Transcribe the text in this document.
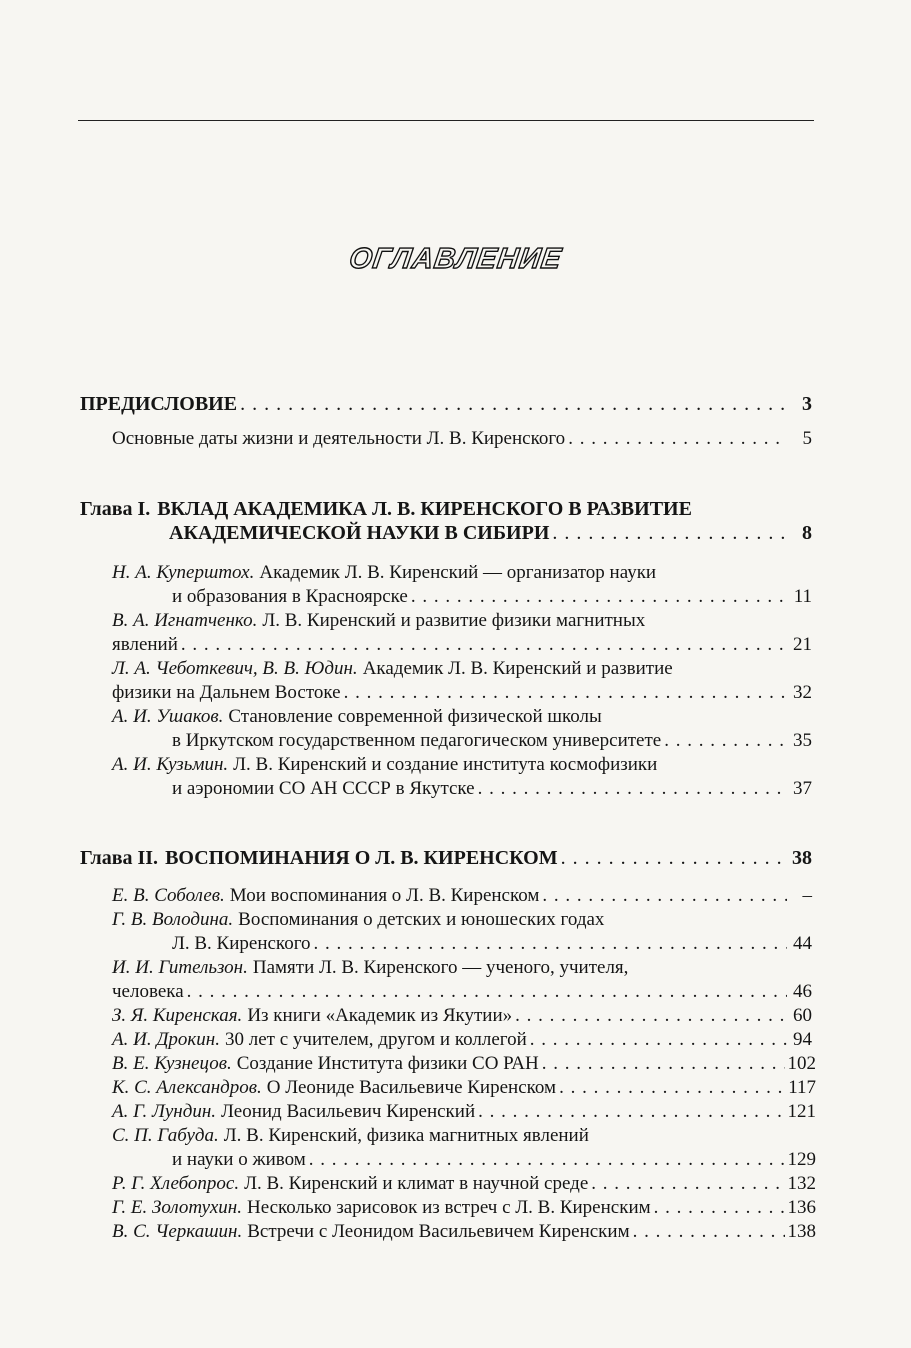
ОГЛАВЛЕНИЕ
ПРЕДИСЛОВИЕ . . .	3
Основные даты жизни и деятельности Л. В. Киренского . . .	5
Глава I. ВКЛАД АКАДЕМИКА Л. В. КИРЕНСКОГО В РАЗВИТИЕ
АКАДЕМИЧЕСКОЙ НАУКИ В СИБИРИ . . .	8
Н. А. Куперштох. Академик Л. В. Киренский — организатор науки
и образования в Красноярске . . .	11
В. А. Игнатченко. Л. В. Киренский и развитие физики магнитных
явлений . . .	21
Л. А. Чеботкевич, В. В. Юдин. Академик Л. В. Киренский и развитие
физики на Дальнем Востоке . . .	32
А. И. Ушаков. Становление современной физической школы
в Иркутском государственном педагогическом университете . . .	35
А. И. Кузьмин. Л. В. Киренский и создание института космофизики
и аэрономии СО АН СССР в Якутске . . .	37
Глава II. ВОСПОМИНАНИЯ О Л. В. КИРЕНСКОМ . . .	38
Е. В. Соболев. Мои воспоминания о Л. В. Киренском . . .	–
Г. В. Володина. Воспоминания о детских и юношеских годах
Л. В. Киренского . . .	44
И. И. Гительзон. Памяти Л. В. Киренского — ученого, учителя,
человека . . .	46
З. Я. Киренская. Из книги «Академик из Якутии» . . .	60
А. И. Дрокин. 30 лет с учителем, другом и коллегой . . .	94
В. Е. Кузнецов. Создание Института физики СО РАН . . .	102
К. С. Александров. О Леониде Васильевиче Киренском . . .	117
А. Г. Лундин. Леонид Васильевич Киренский . . .	121
С. П. Габуда. Л. В. Киренский, физика магнитных явлений
и науки о живом . . .	129
Р. Г. Хлебопрос. Л. В. Киренский и климат в научной среде . . .	132
Г. Е. Золотухин. Несколько зарисовок из встреч с Л. В. Киренским . . .	136
В. С. Черкашин. Встречи с Леонидом Васильевичем Киренским . . .	138
